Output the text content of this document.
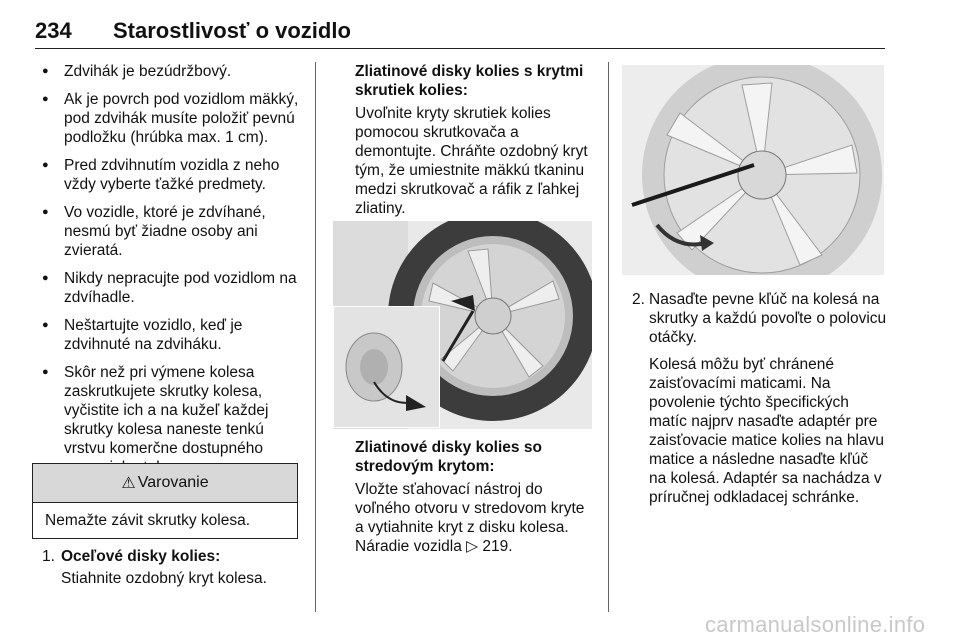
234 Starostlivosť o vozidlo
● Zdvihák je bezúdržbový.
● Ak je povrch pod vozidlom mäkký, pod zdvihák musíte položiť pevnú podložku (hrúbka max. 1 cm).
● Pred zdvihnutím vozidla z neho vždy vyberte ťažké predmety.
● Vo vozidle, ktoré je zdvíhané, nesmú byť žiadne osoby ani zvieratá.
● Nikdy nepracujte pod vozidlom na zdvíhadle.
● Neštartujte vozidlo, keď je zdvihnuté na zdviháku.
● Skôr než pri výmene kolesa zaskrutkujete skrutky kolesa, vyčistite ich a na kužeľ každej skrutky kolesa naneste tenkú vrstvu komerčne dostupného
⚠ Varovanie
Nemažte závit skrutky kolesa.
1. Oceľové disky kolies:

Stiahnite ozdobný kryt kolesa.

Zliatinové disky kolies s krytmi skrutiek kolies:

Uvoľnite kryty skrutiek kolies pomocou skrutkovača a demontujte. Chráňte ozdobný kryt tým, že umiestnite mäkkú tkaninu medzi skrutkovač a ráfik z ľahkej zliatiny.

Zliatinové disky kolies so stredovým krytom:

Vložte sťahovací nástroj do voľného otvoru v stredovom kryte a vytiahnite kryt z disku kolesa. Náradie vozidla ▷ 219.

2. Nasaďte pevne kľúč na kolesá na skrutky a každú povoľte o polovicu otáčky.

Kolesá môžu byť chránené zaisťovacími maticami. Na povolenie týchto špecifických matíc najprv nasaďte adaptér pre zaisťovacie matice kolies na hlavu matice a následne nasaďte kľúč na kolesá. Adaptér sa nachádza v príručnej odkladacej schránke.

carmanualsonline.info
